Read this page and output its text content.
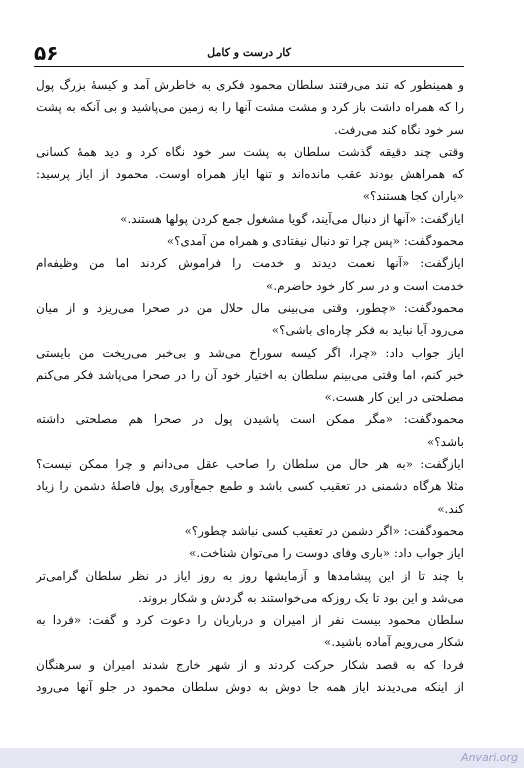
۵۶	کار درست و کامل
و همینطور که تند می‌رفتند سلطان محمود فکری به خاطرش آمد و کیسهٔ بزرگ پول
را که همراه داشت باز کرد و مشت مشت آنها را به زمین می‌پاشید و بی آنکه به پشت
سر خود نگاه کند می‌رفت.
وقتی چند دقیقه گذشت سلطان به پشت سر خود نگاه کرد و دید همهٔ کسانی
که همراهش بودند عقب مانده‌اند و تنها ایاز همراه اوست. محمود از ایاز پرسید:
«یاران کجا هستند؟»
ایازگفت: «آنها از دنبال می‌آیند، گویا مشغول جمع کردن پولها هستند.»
محمودگفت: «پس چرا تو دنبال نیفتادی و همراه من آمدی؟»
ایازگفت: «آنها نعمت دیدند و خدمت را فراموش کردند اما من وظیفه‌ام
خدمت است و در سر کار خود حاضرم.»
محمودگفت: «چطور، وقتی می‌بینی مال حلال من در صحرا می‌ریزد و از میان
می‌رود آیا نباید به فکر چاره‌ای باشی؟»
ایاز جواب داد: «چرا، اگر کیسه سوراخ می‌شد و بی‌خبر می‌ریخت من بایستی
خبر کنم، اما وقتی می‌بینم سلطان به اختیار خود آن را در صحرا می‌پاشد فکر می‌کنم
مصلحتی در این کار هست.»
محمودگفت: «مگر ممکن است پاشیدن پول در صحرا هم مصلحتی داشته
باشد؟»
ایازگفت: «به هر حال من سلطان را صاحب عقل می‌دانم و چرا ممکن نیست؟
مثلا هرگاه دشمنی در تعقیب کسی باشد و طمع جمع‌آوری پول فاصلهٔ دشمن را زیاد
کند.»
محمودگفت: «اگر دشمن در تعقیب کسی نباشد چطور؟»
ایاز جواب داد: «باری وفای دوست را می‌توان شناخت.»
با چند تا از این پیشامدها و آزمایشها روز به روز ایاز در نظر سلطان گرامی‌تر
می‌شد و این بود تا یک روزکه می‌خواستند به گردش و شکار بروند.
سلطان محمود بیست نفر از امیران و درباریان را دعوت کرد و گفت: «فردا به
شکار می‌رویم آماده باشید.»
فردا که به قصد شکار حرکت کردند و از شهر خارج شدند امیران و سرهنگان
از اینکه می‌دیدند ایاز همه جا دوش به دوش سلطان محمود در جلو آنها می‌رود
Anvari.org
